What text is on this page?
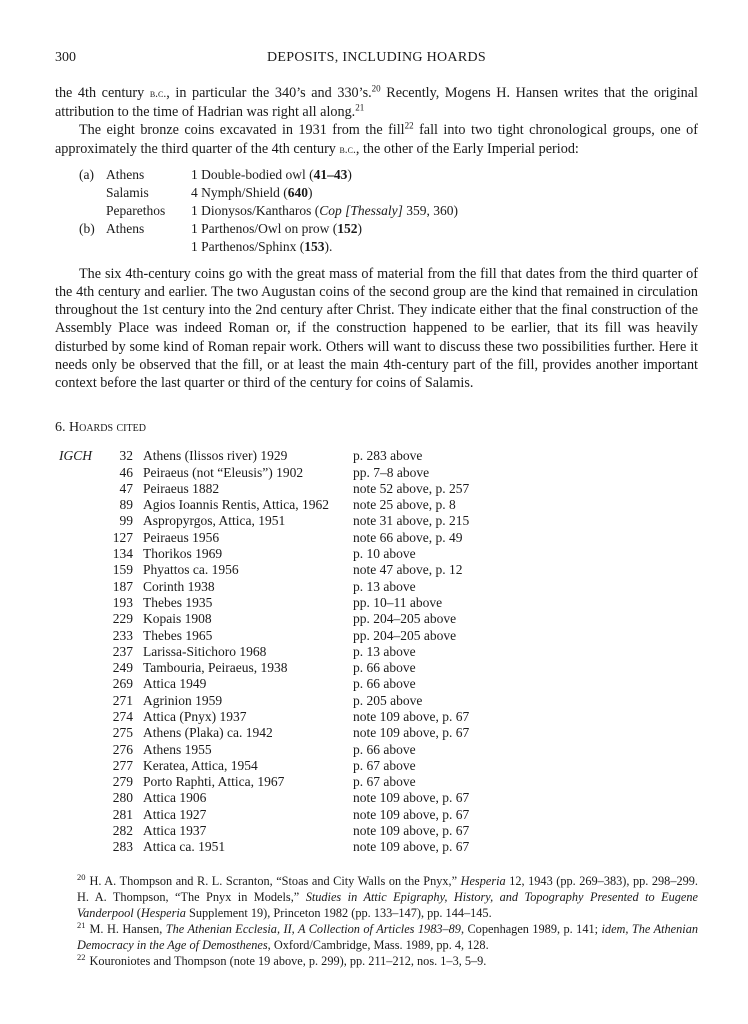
300	DEPOSITS, INCLUDING HOARDS

the 4th century b.c., in particular the 340’s and 330’s.$^{20}$ Recently, Mogens H. Hansen writes that the original attribution to the time of Hadrian was right all along.$^{21}$

The eight bronze coins excavated in 1931 from the fill$^{22}$ fall into two tight chronological groups, one of approximately the third quarter of the 4th century b.c., the other of the Early Imperial period:

(a)	Athens	1 Double-bodied owl (41–43)
	Salamis	4 Nymph/Shield (640)
	Peparethos	1 Dionysos/Kantharos (Cop [Thessaly] 359, 360)
(b)	Athens	1 Parthenos/Owl on prow (152)
		1 Parthenos/Sphinx (153).

The six 4th-century coins go with the great mass of material from the fill that dates from the third quarter of the 4th century and earlier. The two Augustan coins of the second group are the kind that remained in circulation throughout the 1st century into the 2nd century after Christ. They indicate either that the final construction of the Assembly Place was indeed Roman or, if the construction happened to be earlier, that its fill was heavily disturbed by some kind of Roman repair work. Others will want to discuss these two possibilities further. Here it needs only be observed that the fill, or at least the main 4th-century part of the fill, provides another important context before the last quarter or third of the century for coins of Salamis.

6. Hoards cited
IGCH	32	Athens (Ilissos river) 1929	p. 283 above
	46	Peiraeus (not “Eleusis”) 1902	pp. 7–8 above
	47	Peiraeus 1882	note 52 above, p. 257
	89	Agios Ioannis Rentis, Attica, 1962	note 25 above, p. 8
	99	Aspropyrgos, Attica, 1951	note 31 above, p. 215
	127	Peiraeus 1956	note 66 above, p. 49
	134	Thorikos 1969	p. 10 above
	159	Phyattos ca. 1956	note 47 above, p. 12
	187	Corinth 1938	p. 13 above
	193	Thebes 1935	pp. 10–11 above
	229	Kopais 1908	pp. 204–205 above
	233	Thebes 1965	pp. 204–205 above
	237	Larissa-Sitichoro 1968	p. 13 above
	249	Tambouria, Peiraeus, 1938	p. 66 above
	269	Attica 1949	p. 66 above
	271	Agrinion 1959	p. 205 above
	274	Attica (Pnyx) 1937	note 109 above, p. 67
	275	Athens (Plaka) ca. 1942	note 109 above, p. 67
	276	Athens 1955	p. 66 above
	277	Keratea, Attica, 1954	p. 67 above
	279	Porto Raphti, Attica, 1967	p. 67 above
	280	Attica 1906	note 109 above, p. 67
	281	Attica 1927	note 109 above, p. 67
	282	Attica 1937	note 109 above, p. 67
	283	Attica ca. 1951	note 109 above, p. 67

$^{20}$ H. A. Thompson and R. L. Scranton, “Stoas and City Walls on the Pnyx,” Hesperia 12, 1943 (pp. 269–383), pp. 298–299. H. A. Thompson, “The Pnyx in Models,” Studies in Attic Epigraphy, History, and Topography Presented to Eugene Vanderpool (Hesperia Supplement 19), Princeton 1982 (pp. 133–147), pp. 144–145.

$^{21}$ M. H. Hansen, The Athenian Ecclesia, II, A Collection of Articles 1983–89, Copenhagen 1989, p. 141; idem, The Athenian Democracy in the Age of Demosthenes, Oxford/Cambridge, Mass. 1989, pp. 4, 128.

$^{22}$ Kouroniotes and Thompson (note 19 above, p. 299), pp. 211–212, nos. 1–3, 5–9.
